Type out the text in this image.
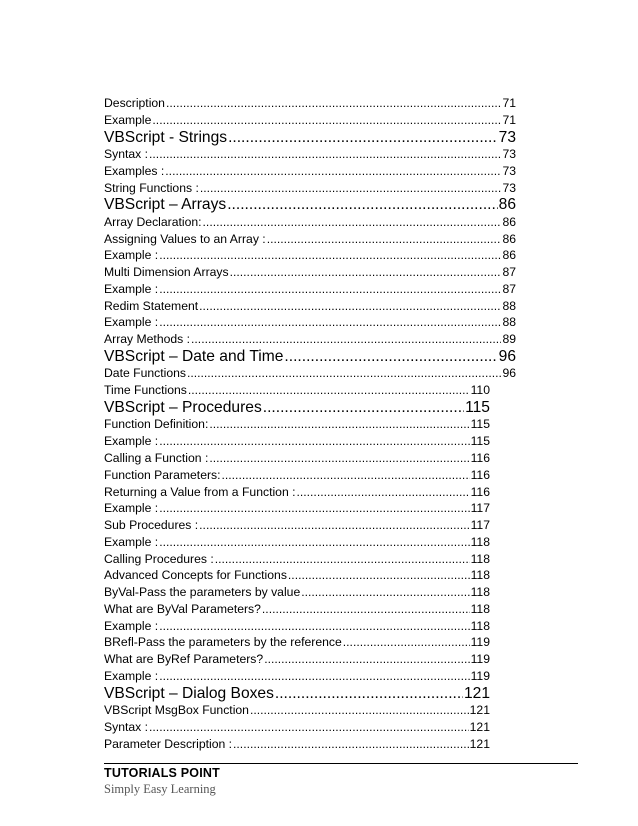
Description .....	71
Example .....	71
VBScript - Strings .....	73
Syntax : .....	73
Examples : .....	73
String Functions : .....	73
VBScript – Arrays .....	86
Array Declaration: .....	86
Assigning Values to an Array : .....	86
Example : .....	86
Multi Dimension Arrays .....	87
Example : .....	87
Redim Statement .....	88
Example : .....	88
Array Methods : .....	89
VBScript – Date and Time .....	96
Date Functions .....	96
Time Functions .....	110
VBScript – Procedures .....	115
Function Definition: .....	115
Example : .....	115
Calling a Function : .....	116
Function Parameters: .....	116
Returning a Value from a Function : .....	116
Example : .....	117
Sub Procedures : .....	117
Example : .....	118
Calling Procedures : .....	118
Advanced Concepts for Functions .....	118
ByVal-Pass the parameters by value .....	118
What are ByVal Parameters? .....	118
Example : .....	118
BRefl-Pass the parameters by the reference .....	119
What are ByRef Parameters? .....	119
Example : .....	119
VBScript – Dialog Boxes .....	121
VBScript MsgBox Function .....	121
Syntax : .....	121
Parameter Description : .....	121
TUTORIALS POINT
Simply Easy Learning
